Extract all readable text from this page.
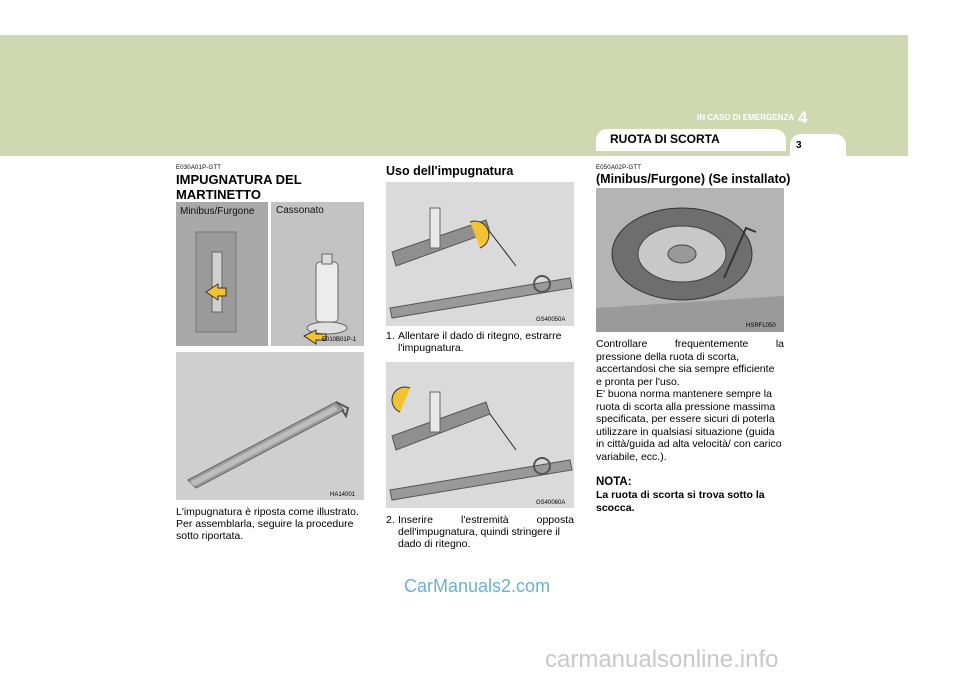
IN CASO DI EMERGENZA 4
RUOTA DI SCORTA	3
E030A01P-GTT
IMPUGNATURA DEL MARTINETTO
Minibus/Furgone Cassonato
E010B01P-1
HA14001
L'impugnatura è riposta come illustrato.
Per assemblarla, seguire la procedure
sotto riportata.
Uso dell'impugnatura
GS40050A
1. Allentare il dado di ritegno, estrarre
l'impugnatura.
GS40060A
2. Inserire l'estremità opposta
dell'impugnatura, quindi stringere il
dado di ritegno.
E050A02P-GTT
(Minibus/Furgone) (Se installato)
HSRFL050
Controllare frequentemente la
pressione della ruota di scorta,
accertandosi che sia sempre efficiente
e pronta per l'uso.
E' buona norma mantenere sempre la
ruota di scorta alla pressione massima
specificata, per essere sicuri di poterla
utilizzare in qualsiasi situazione (guida
in città/guida ad alta velocità/ con carico
variabile, ecc.).
NOTA:
La ruota di scorta si trova sotto la
scocca.
CarManuals2.com
carmanualsonline.info
